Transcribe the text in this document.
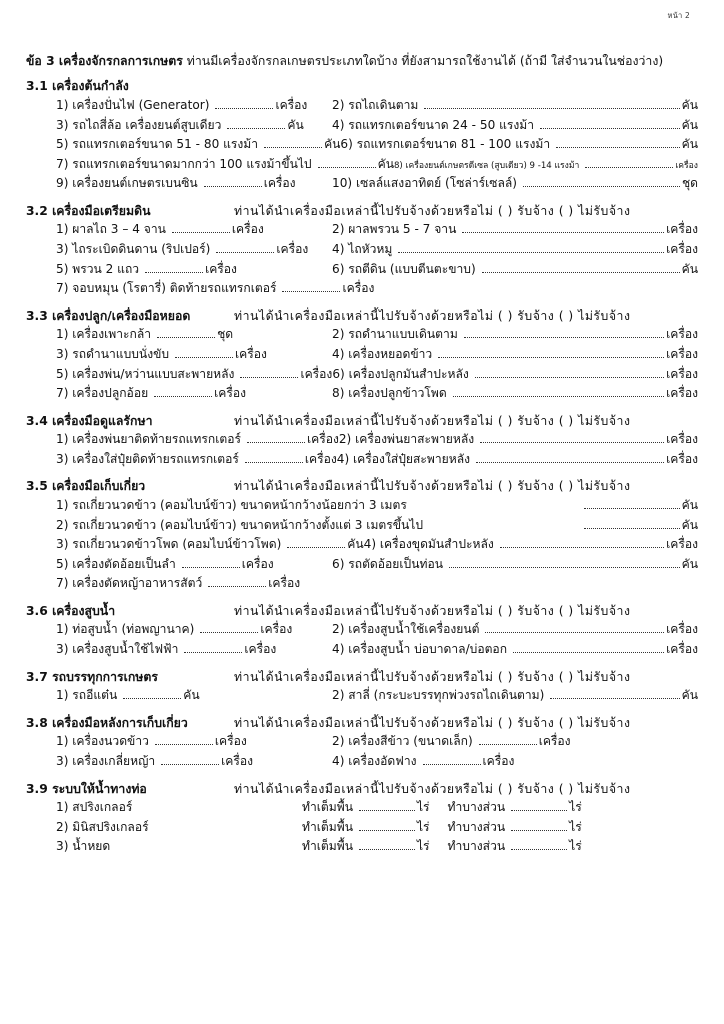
หน้า 2
ข้อ 3 เครื่องจักรกลการเกษตร ท่านมีเครื่องจักรกลเกษตรประเภทใดบ้าง ที่ยังสามารถใช้งานได้ (ถ้ามี ใส่จำนวนในช่องว่าง)
3.1 เครื่องต้นกำลัง
1) เครื่องปั่นไฟ (Generator)	เครื่อง 2) รถไถเดินตาม	คัน
3) รถไถสี่ล้อ เครื่องยนต์สูบเดียว	คัน 4) รถแทรกเตอร์ขนาด 24 - 50 แรงม้า	คัน
5) รถแทรกเตอร์ขนาด 51 - 80 แรงม้า	คัน 6) รถแทรกเตอร์ขนาด 81 - 100 แรงม้า	คัน
7) รถแทรกเตอร์ขนาดมากกว่า 100 แรงม้าขึ้นไป	คัน 8) เครื่องยนต์เกษตรดีเซล (สูบเดียว) 9 -14 แรงม้า	เครื่อง
9) เครื่องยนต์เกษตรเบนซิน	เครื่อง	10) เซลล์แสงอาทิตย์ (โซล่าร์เซลล์)	ชุด
3.2 เครื่องมือเตรียมดิน	ท่านได้นำเครื่องมือเหล่านี้ไปรับจ้างด้วยหรือไม่ ( ) รับจ้าง ( ) ไม่รับจ้าง
1) ผาลไถ 3 – 4 จาน	เครื่อง	2) ผาลพรวน 5 - 7 จาน	เครื่อง
3) ไถระเบิดดินดาน (ริปเปอร์)	เครื่อง 4) ไถหัวหมู	เครื่อง
5) พรวน 2 แถว	เครื่อง	6) รถตีดิน (แบบตีนตะขาบ)	คัน
7) จอบหมุน (โรตารี่) ติดท้ายรถแทรกเตอร์	เครื่อง
3.3 เครื่องปลูก/เครื่องมือหยอด	ท่านได้นำเครื่องมือเหล่านี้ไปรับจ้างด้วยหรือไม่ ( ) รับจ้าง ( ) ไม่รับจ้าง
1) เครื่องเพาะกล้า	ชุด	2) รถดำนาแบบเดินตาม	เครื่อง
3) รถดำนาแบบนั่งขับ	เครื่อง	4) เครื่องหยอดข้าว	เครื่อง
5) เครื่องพ่น/หว่านแบบสะพายหลัง	เครื่อง 6) เครื่องปลูกมันสำปะหลัง	เครื่อง
7) เครื่องปลูกอ้อย	เครื่อง	8) เครื่องปลูกข้าวโพด	เครื่อง
3.4 เครื่องมือดูแลรักษา	ท่านได้นำเครื่องมือเหล่านี้ไปรับจ้างด้วยหรือไม่ ( ) รับจ้าง ( ) ไม่รับจ้าง
1) เครื่องพ่นยาติดท้ายรถแทรกเตอร์	เครื่อง 2) เครื่องพ่นยาสะพายหลัง	เครื่อง
3) เครื่องใส่ปุ๋ยติดท้ายรถแทรกเตอร์	เครื่อง 4) เครื่องใส่ปุ๋ยสะพายหลัง	เครื่อง
3.5 เครื่องมือเก็บเกี่ยว	ท่านได้นำเครื่องมือเหล่านี้ไปรับจ้างด้วยหรือไม่ ( ) รับจ้าง ( ) ไม่รับจ้าง
1) รถเกี่ยวนวดข้าว (คอมไบน์ข้าว) ขนาดหน้ากว้างน้อยกว่า 3 เมตร	คัน
2) รถเกี่ยวนวดข้าว (คอมไบน์ข้าว) ขนาดหน้ากว้างตั้งแต่ 3 เมตรขึ้นไป	คัน
3) รถเกี่ยวนวดข้าวโพด (คอมไบน์ข้าวโพด)	คัน 4) เครื่องขุดมันสำปะหลัง	เครื่อง
5) เครื่องตัดอ้อยเป็นลำ	เครื่อง	6) รถตัดอ้อยเป็นท่อน	คัน
7) เครื่องตัดหญ้าอาหารสัตว์	เครื่อง
3.6 เครื่องสูบน้ำ	ท่านได้นำเครื่องมือเหล่านี้ไปรับจ้างด้วยหรือไม่ ( ) รับจ้าง ( ) ไม่รับจ้าง
1) ท่อสูบน้ำ (ท่อพญานาค)	เครื่อง	2) เครื่องสูบน้ำใช้เครื่องยนต์	เครื่อง
3) เครื่องสูบน้ำใช้ไฟฟ้า	เครื่อง	4) เครื่องสูบน้ำ บ่อบาดาล/บ่อตอก	เครื่อง
3.7 รถบรรทุกการเกษตร	ท่านได้นำเครื่องมือเหล่านี้ไปรับจ้างด้วยหรือไม่ ( ) รับจ้าง ( ) ไม่รับจ้าง
1) รถอีแต๋น	คัน	2) สาลี่ (กระบะบรรทุกพ่วงรถไถเดินตาม)	คัน
3.8 เครื่องมือหลังการเก็บเกี่ยว	ท่านได้นำเครื่องมือเหล่านี้ไปรับจ้างด้วยหรือไม่ ( ) รับจ้าง ( ) ไม่รับจ้าง
1) เครื่องนวดข้าว	เครื่อง	2) เครื่องสีข้าว (ขนาดเล็ก)	เครื่อง
3) เครื่องเกลี่ยหญ้า	เครื่อง	4) เครื่องอัดฟาง	เครื่อง
3.9 ระบบให้น้ำทางท่อ	ท่านได้นำเครื่องมือเหล่านี้ไปรับจ้างด้วยหรือไม่ ( ) รับจ้าง ( ) ไม่รับจ้าง
1) สปริงเกลอร์	ทำเต็มพื้น	ไร่ ทำบางส่วน	ไร่
2) มินิสปริงเกลอร์	ทำเต็มพื้น	ไร่ ทำบางส่วน	ไร่
3) น้ำหยด	ทำเต็มพื้น	ไร่ ทำบางส่วน	ไร่
